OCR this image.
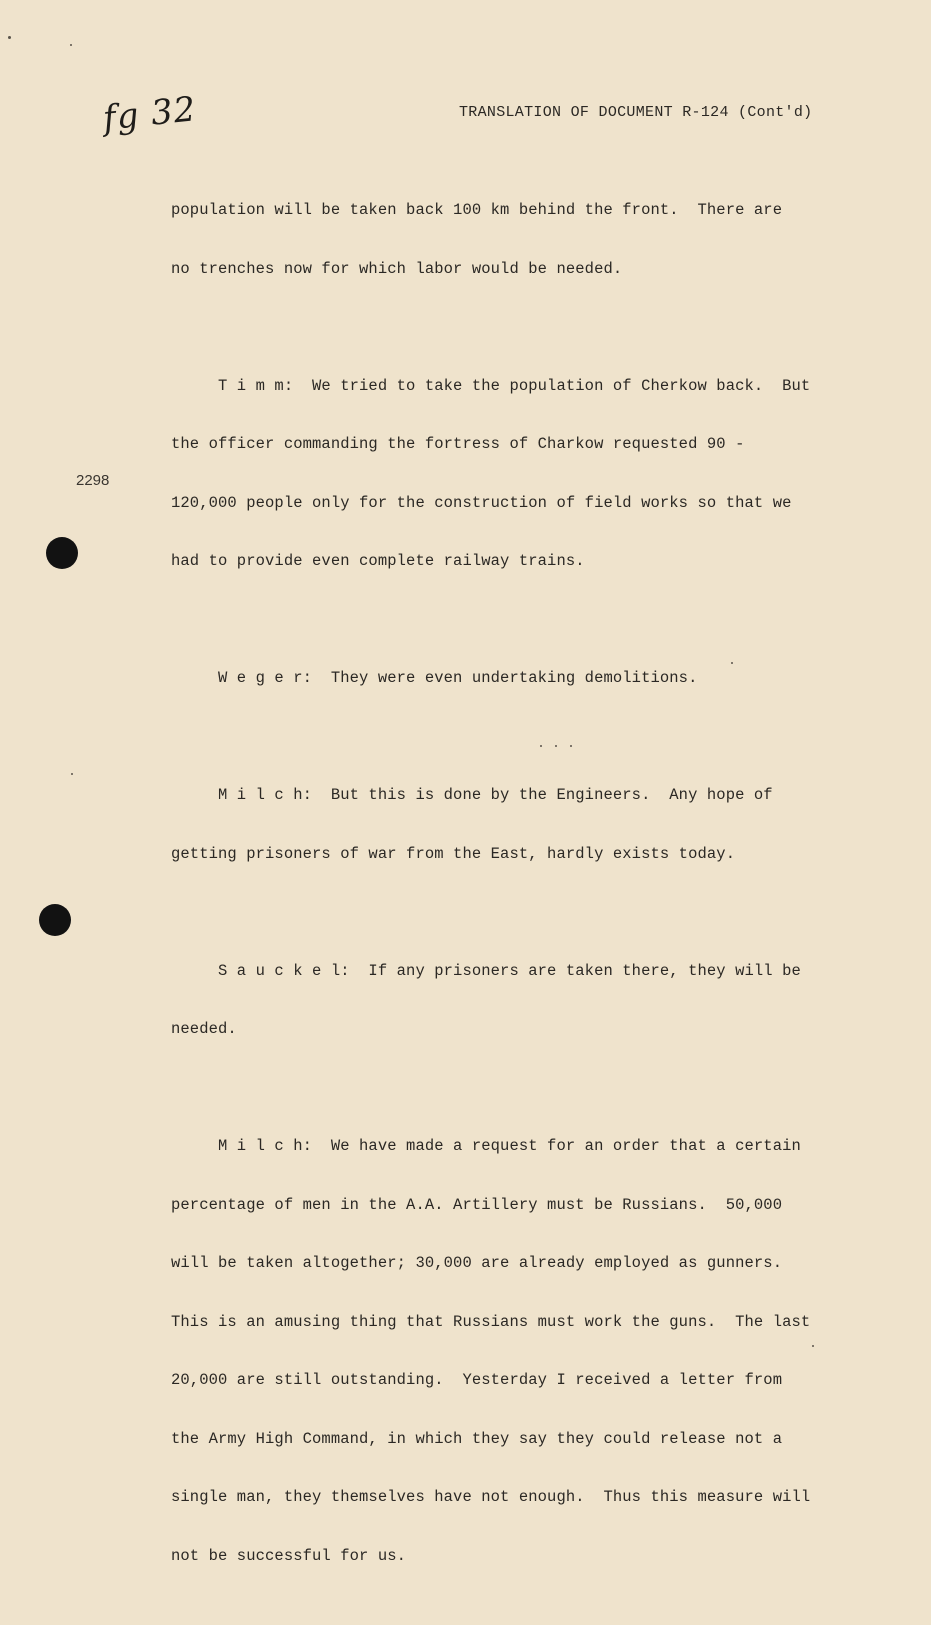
fg 32	TRANSLATION OF DOCUMENT R-124 (Cont'd)
2298

population will be taken back 100 km behind the front.  There are

no trenches now for which labor would be needed.

T i m m:  We tried to take the population of Cherkow back.  But

the officer commanding the fortress of Charkow requested 90 -

120,000 people only for the construction of field works so that we

had to provide even complete railway trains.

W e g e r:  They were even undertaking demolitions.

M i l c h:  But this is done by the Engineers.  Any hope of

getting prisoners of war from the East, hardly exists today.

S a u c k e l:  If any prisoners are taken there, they will be

needed.

M i l c h:  We have made a request for an order that a certain

percentage of men in the A.A. Artillery must be Russians.  50,000

will be taken altogether; 30,000 are already employed as gunners.

This is an amusing thing that Russians must work the guns.  The last

20,000 are still outstanding.  Yesterday I received a letter from

the Army High Command, in which they say they could release not a

single man, they themselves have not enough.  Thus this measure will

not be successful for us.
